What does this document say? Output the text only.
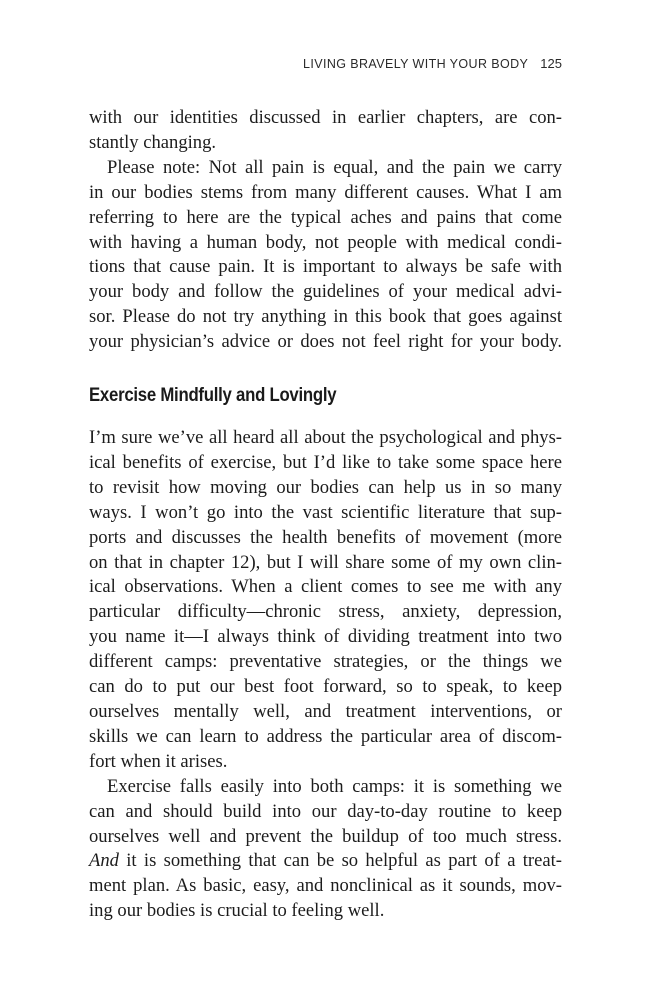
LIVING BRAVELY WITH YOUR BODY 125
with our identities discussed in earlier chapters, are con-
stantly changing.
Please note: Not all pain is equal, and the pain we carry
in our bodies stems from many different causes. What I am
referring to here are the typical aches and pains that come
with having a human body, not people with medical condi-
tions that cause pain. It is important to always be safe with
your body and follow the guidelines of your medical advi-
sor. Please do not try anything in this book that goes against
your physician’s advice or does not feel right for your body.
Exercise Mindfully and Lovingly
I’m sure we’ve all heard all about the psychological and phys-
ical benefits of exercise, but I’d like to take some space here
to revisit how moving our bodies can help us in so many
ways. I won’t go into the vast scientific literature that sup-
ports and discusses the health benefits of movement (more
on that in chapter 12), but I will share some of my own clin-
ical observations. When a client comes to see me with any
particular difficulty—chronic stress, anxiety, depression,
you name it—I always think of dividing treatment into two
different camps: preventative strategies, or the things we
can do to put our best foot forward, so to speak, to keep
ourselves mentally well, and treatment interventions, or
skills we can learn to address the particular area of discom-
fort when it arises.
Exercise falls easily into both camps: it is something we
can and should build into our day-to-day routine to keep
ourselves well and prevent the buildup of too much stress.
And it is something that can be so helpful as part of a treat-
ment plan. As basic, easy, and nonclinical as it sounds, mov-
ing our bodies is crucial to feeling well.
